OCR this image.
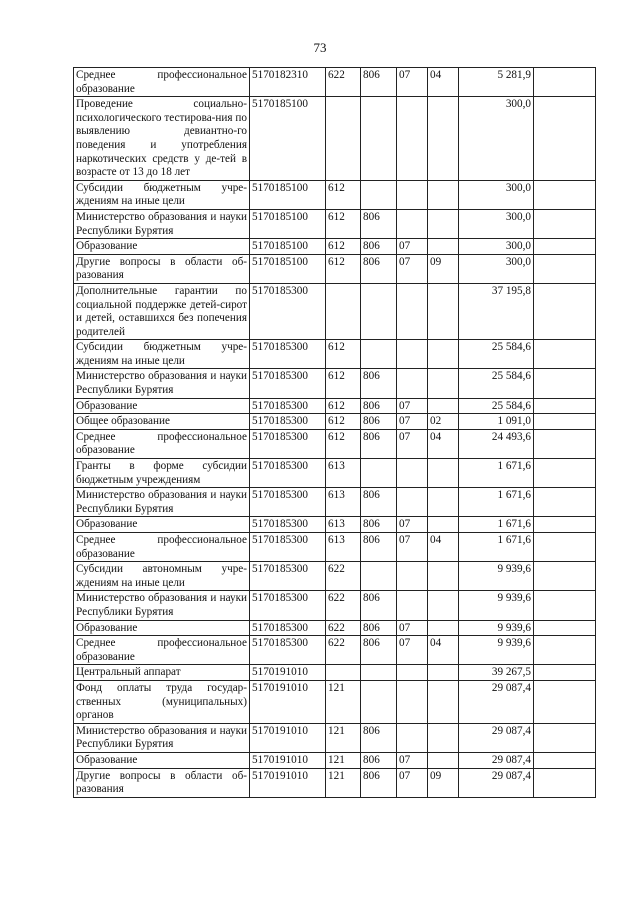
73
Среднее профессиональное образование	5170182310	622	806	07	04	5 281,9	
Проведение социально-психологического тестирова-ния по выявлению девиантно-го поведения и употребления наркотических средств у де-тей в возрасте от 13 до 18 лет	5170185100					300,0	
Субсидии бюджетным учре-ждениям на иные цели	5170185100	612				300,0	
Министерство образования и науки Республики Бурятия	5170185100	612	806			300,0	
Образование	5170185100	612	806	07		300,0	
Другие вопросы в области об-разования	5170185100	612	806	07	09	300,0	
Дополнительные гарантии по социальной поддержке детей-сирот и детей, оставшихся без попечения родителей	5170185300					37 195,8	
Субсидии бюджетным учре-ждениям на иные цели	5170185300	612				25 584,6	
Министерство образования и науки Республики Бурятия	5170185300	612	806			25 584,6	
Образование	5170185300	612	806	07		25 584,6	
Общее образование	5170185300	612	806	07	02	1 091,0	
Среднее профессиональное образование	5170185300	612	806	07	04	24 493,6	
Гранты в форме субсидии бюджетным учреждениям	5170185300	613				1 671,6	
Министерство образования и науки Республики Бурятия	5170185300	613	806			1 671,6	
Образование	5170185300	613	806	07		1 671,6	
Среднее профессиональное образование	5170185300	613	806	07	04	1 671,6	
Субсидии автономным учре-ждениям на иные цели	5170185300	622				9 939,6	
Министерство образования и науки Республики Бурятия	5170185300	622	806			9 939,6	
Образование	5170185300	622	806	07		9 939,6	
Среднее профессиональное образование	5170185300	622	806	07	04	9 939,6	
Центральный аппарат	5170191010					39 267,5	
Фонд оплаты труда государ-ственных (муниципальных) органов	5170191010	121				29 087,4	
Министерство образования и науки Республики Бурятия	5170191010	121	806			29 087,4	
Образование	5170191010	121	806	07		29 087,4	
Другие вопросы в области об-разования	5170191010	121	806	07	09	29 087,4	
